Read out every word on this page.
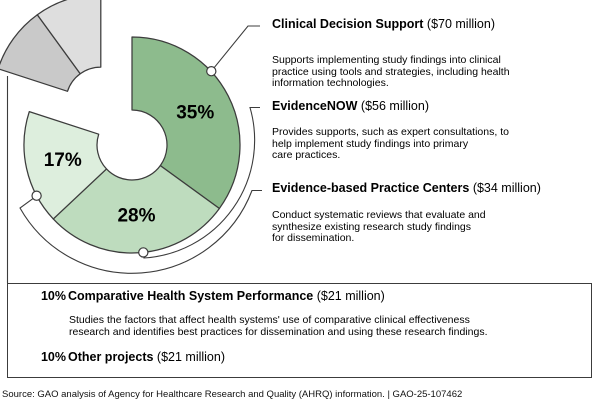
35%
28%
17%
Clinical Decision Support ($70 million)
Supports implementing study findings into clinical
practice using tools and strategies, including health
information technologies.
EvidenceNOW ($56 million)
Provides supports, such as expert consultations, to
help implement study findings into primary
care practices.
Evidence-based Practice Centers ($34 million)
Conduct systematic reviews that evaluate and
synthesize existing research study findings
for dissemination.
10% Comparative Health System Performance ($21 million)
Studies the factors that affect health systems' use of comparative clinical effectiveness
research and identifies best practices for dissemination and using these research findings.
10% Other projects ($21 million)
Source: GAO analysis of Agency for Healthcare Research and Quality (AHRQ) information. | GAO-25-107462
